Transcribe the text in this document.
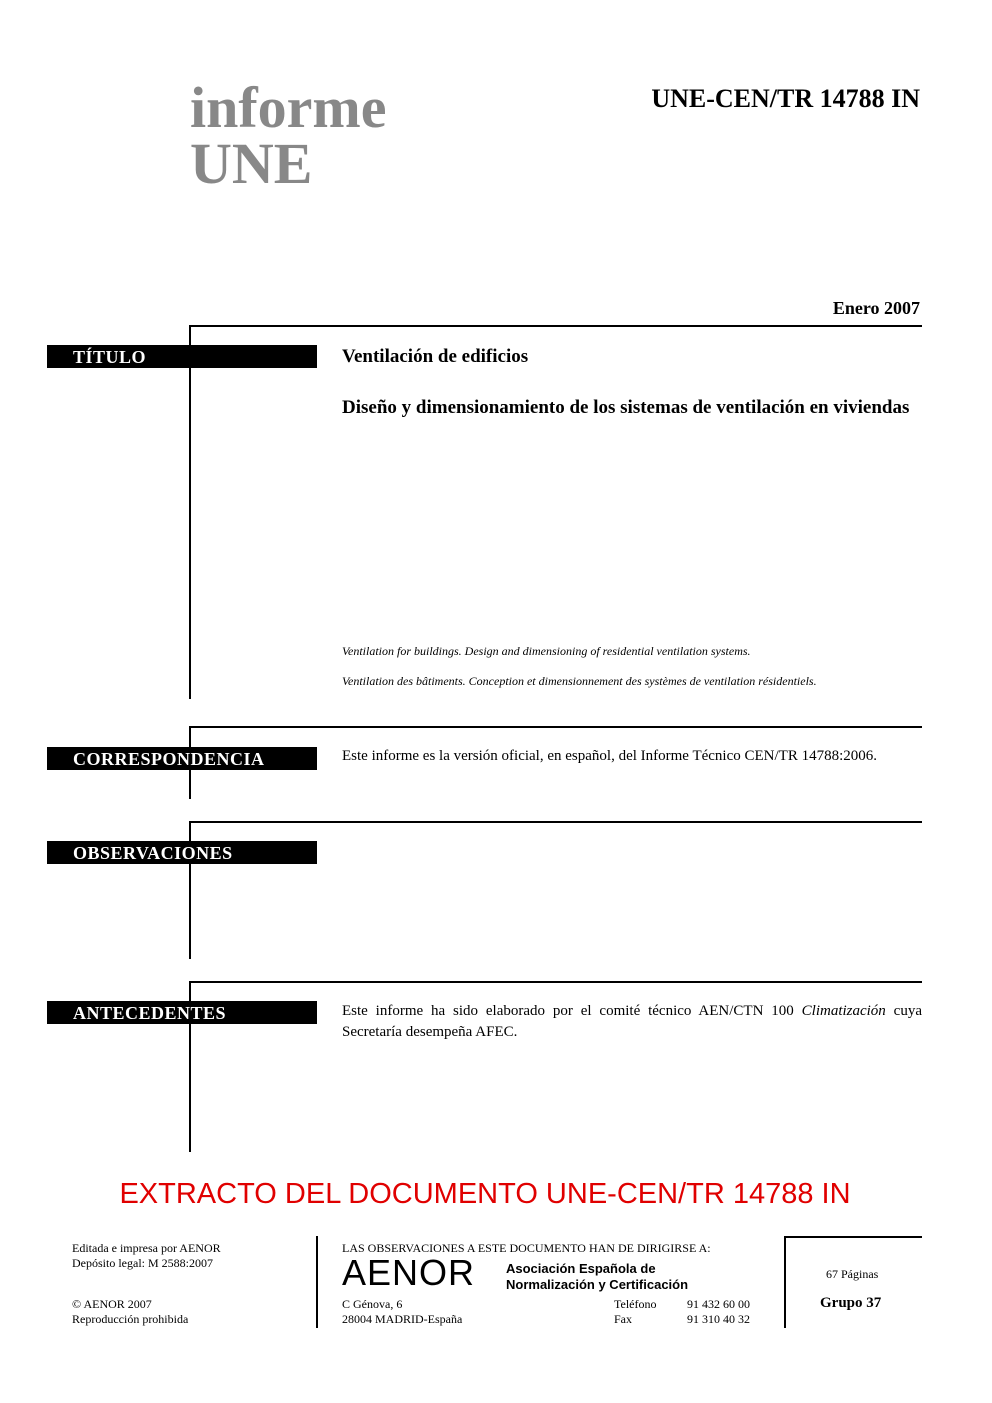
informe
UNE
UNE-CEN/TR 14788 IN
Enero 2007
TÍTULO	Ventilación de edificios
Diseño y dimensionamiento de los sistemas de ventilación en viviendas
Ventilation for buildings. Design and dimensioning of residential ventilation systems.
Ventilation des bâtiments. Conception et dimensionnement des systèmes de ventilation résidentiels.
CORRESPONDENCIA	Este informe es la versión oficial, en español, del Informe Técnico CEN/TR 14788:2006.
OBSERVACIONES
ANTECEDENTES	Este informe ha sido elaborado por el comité técnico AEN/CTN 100 Climatización cuya Secretaría desempeña AFEC.
EXTRACTO DEL DOCUMENTO UNE-CEN/TR 14788 IN
Editada e impresa por AENOR
Depósito legal: M 2588:2007
© AENOR 2007
Reproducción prohibida
LAS OBSERVACIONES A ESTE DOCUMENTO HAN DE DIRIGIRSE A:
AENOR Asociación Española de
Normalización y Certificación
C Génova, 6
28004 MADRID-España
Teléfono	91 432 60 00
Fax	91 310 40 32
67 Páginas
Grupo 37
